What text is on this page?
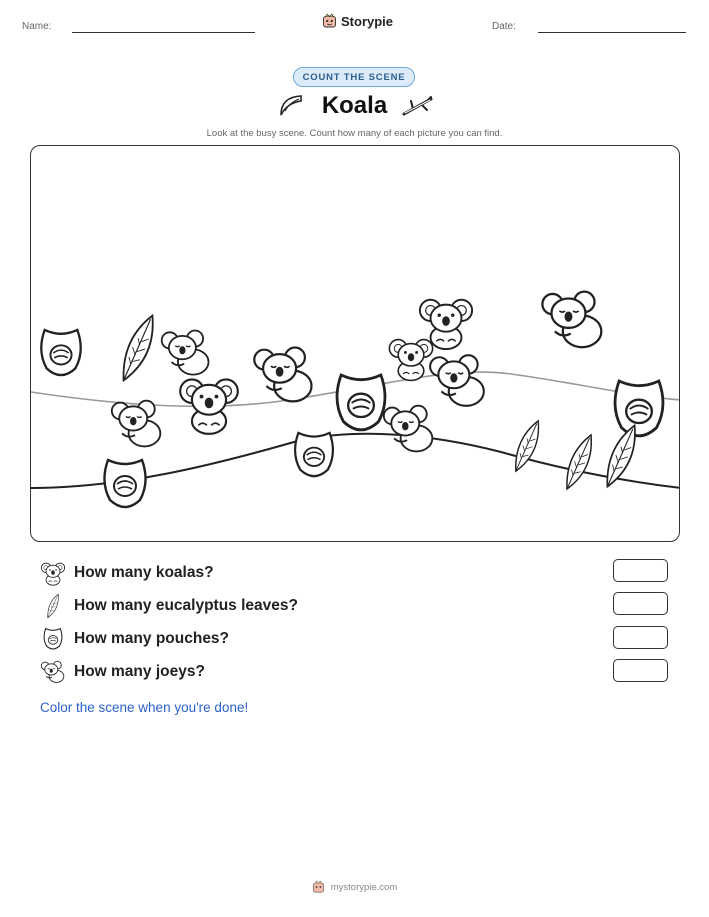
Name:	Storypie	Date:
COUNT THE SCENE
Koala
Look at the busy scene. Count how many of each picture you can find.
How many koalas?
How many eucalyptus leaves?
How many pouches?
How many joeys?
Color the scene when you're done!
mystorypie.com
